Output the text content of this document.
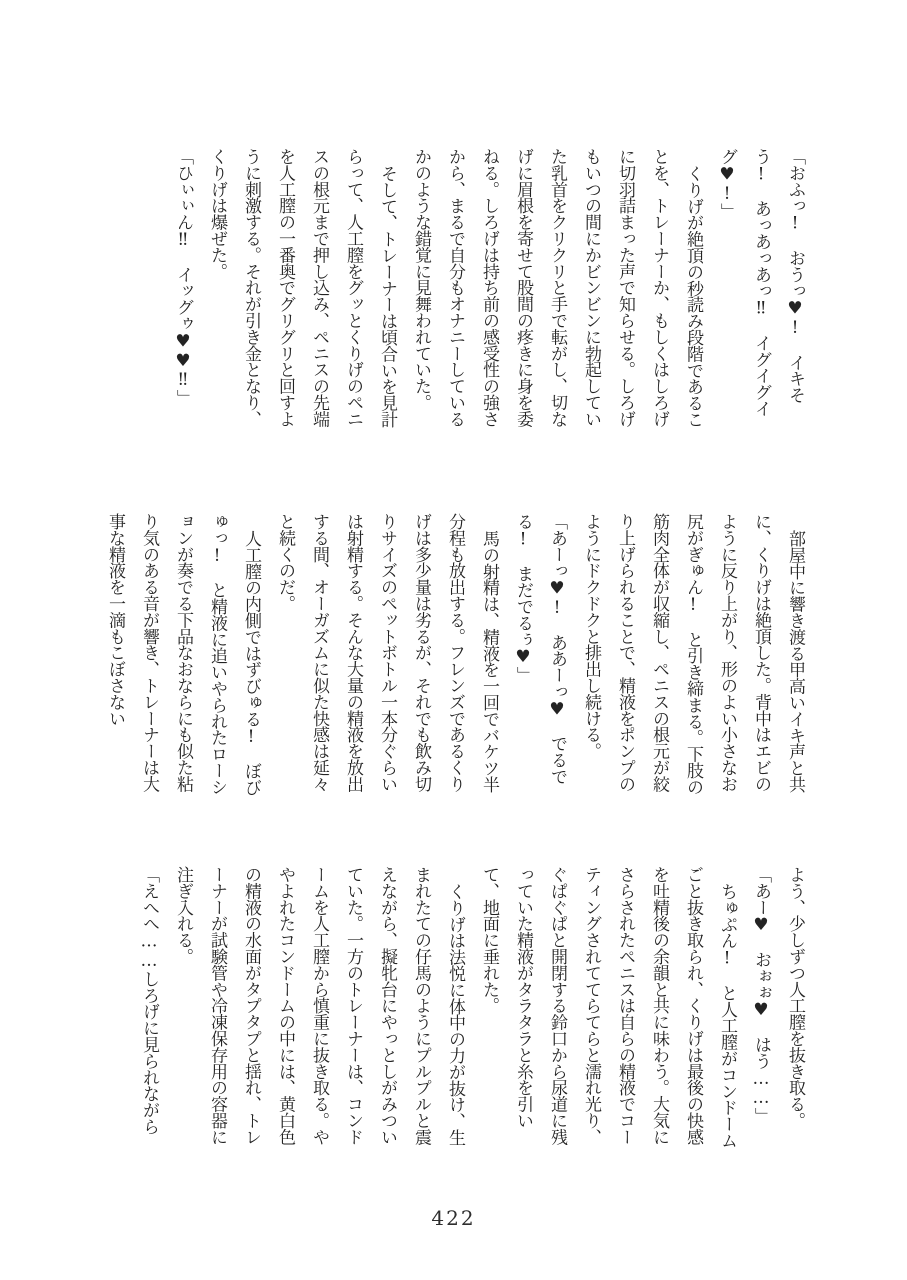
「おふっ!　おうっ♥!　イキそう!　あっあっあっ‼　イグイグイグ♥!」

くりげが絶頂の秒読み段階であることを、トレーナーか、もしくはしろげに切羽詰まった声で知らせる。しろげもいつの間にかビンビンに勃起していた乳首をクリクリと手で転がし、切なげに眉根を寄せて股間の疼きに身を委ねる。しろげは持ち前の感受性の強さから、まるで自分もオナニーしているかのような錯覚に見舞われていた。

そして、トレーナーは頃合いを見計らって、人工膣をグッとくりげのペニスの根元まで押し込み、ペニスの先端を人工膣の一番奥でグリグリと回すように刺激する。それが引き金となり、くりげは爆ぜた。

「ひぃぃん‼　イッグゥ♥♥‼」

部屋中に響き渡る甲高いイキ声と共に、くりげは絶頂した。背中はエビのように反り上がり、形のよい小さなお尻がぎゅん!　と引き締まる。下肢の筋肉全体が収縮し、ペニスの根元が絞り上げられることで、精液をポンプのようにドクドクと排出し続ける。

「あーっ♥!　ああーっ♥　でるでる!　まだでるぅ♥」

馬の射精は、精液を一回でバケツ半分程も放出する。フレンズであるくりげは多少量は劣るが、それでも飲み切りサイズのペットボトル一本分ぐらいは射精する。そんな大量の精液を放出する間、オーガズムに似た快感は延々と続くのだ。

人工膣の内側ではずびゅる!　ぼびゅっ!　と精液に追いやられたローションが奏でる下品なおならにも似た粘り気のある音が響き、トレーナーは大事な精液を一滴もこぼさない

よう、少しずつ人工膣を抜き取る。

「あー♥　おぉぉ♥　はう……」

ちゅぷん!　と人工膣がコンドームごと抜き取られ、くりげは最後の快感を吐精後の余韻と共に味わう。大気にさらされたペニスは自らの精液でコーティングされててらてらと濡れ光り、ぐぱぐぱと開閉する鈴口から尿道に残っていた精液がタラタラと糸を引いて、地面に垂れた。

くりげは法悦に体中の力が抜け、生まれたての仔馬のようにプルプルと震えながら、擬牝台にやっとしがみついていた。一方のトレーナーは、コンドームを人工膣から慎重に抜き取る。ややよれたコンドームの中には、黄白色の精液の水面がタプタプと揺れ、トレーナーが試験管や冷凍保存用の容器に注ぎ入れる。

「えへへ……しろげに見られながら

422
